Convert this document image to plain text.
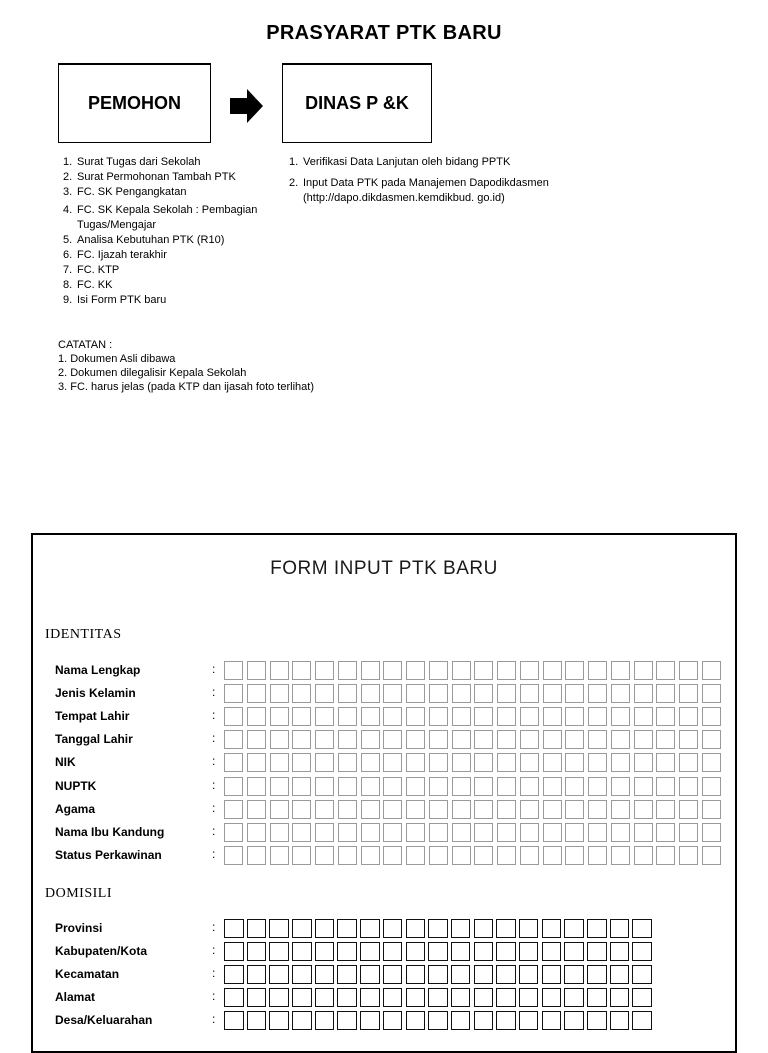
PRASYARAT PTK BARU
PEMOHON	DINAS P &K
1. Surat Tugas dari Sekolah
2. Surat Permohonan Tambah PTK
3. FC. SK Pengangkatan
4. FC. SK Kepala Sekolah : Pembagian Tugas/Mengajar
5. Analisa Kebutuhan PTK (R10)
6. FC. Ijazah terakhir
7. FC. KTP
8. FC. KK
9. Isi Form PTK baru
1. Verifikasi Data Lanjutan oleh bidang PPTK
2. Input Data PTK pada Manajemen Dapodikdasmen (http://dapo.dikdasmen.kemdikbud. go.id)
CATATAN :
1. Dokumen Asli dibawa
2. Dokumen dilegalisir Kepala Sekolah
3. FC. harus jelas (pada KTP dan ijasah foto terlihat)
FORM INPUT PTK BARU
IDENTITAS
Nama Lengkap	:
Jenis Kelamin	:
Tempat Lahir	:
Tanggal Lahir	:
NIK	:
NUPTK	:
Agama	:
Nama Ibu Kandung	:
Status Perkawinan	:
DOMISILI
Provinsi	:
Kabupaten/Kota	:
Kecamatan	:
Alamat	:
Desa/Keluarahan	:
